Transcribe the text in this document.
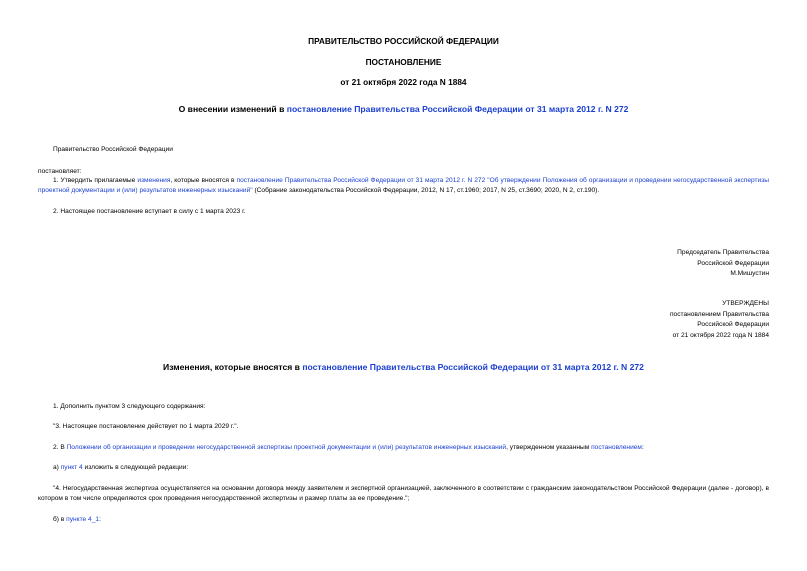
ПРАВИТЕЛЬСТВО РОССИЙСКОЙ ФЕДЕРАЦИИ
ПОСТАНОВЛЕНИЕ
от 21 октября 2022 года N 1884
О внесении изменений в постановление Правительства Российской Федерации от 31 марта 2012 г. N 272
Правительство Российской Федерации
постановляет:
1. Утвердить прилагаемые изменения, которые вносятся в постановление Правительства Российской Федерации от 31 марта 2012 г. N 272 "Об утверждении Положения об организации и проведении негосударственной экспертизы проектной документации и (или) результатов инженерных изысканий" (Собрание законодательства Российской Федерации, 2012, N 17, ст.1960; 2017, N 25, ст.3690; 2020, N 2, ст.190).
2. Настоящее постановление вступает в силу с 1 марта 2023 г.
Председатель Правительства
Российской Федерации
М.Мишустин
УТВЕРЖДЕНЫ
постановлением Правительства
Российской Федерации
от 21 октября 2022 года N 1884
Изменения, которые вносятся в постановление Правительства Российской Федерации от 31 марта 2012 г. N 272
1. Дополнить пунктом 3 следующего содержания:
"3. Настоящее постановление действует по 1 марта 2029 г.".
2. В Положении об организации и проведении негосударственной экспертизы проектной документации и (или) результатов инженерных изысканий, утвержденном указанным постановлением:
а) пункт 4 изложить в следующей редакции:
"4. Негосударственная экспертиза осуществляется на основании договора между заявителем и экспертной организацией, заключенного в соответствии с гражданским законодательством Российской Федерации (далее - договор), в котором в том числе определяются срок проведения негосударственной экспертизы и размер платы за ее проведение.";
б) в пункте 4_1:
